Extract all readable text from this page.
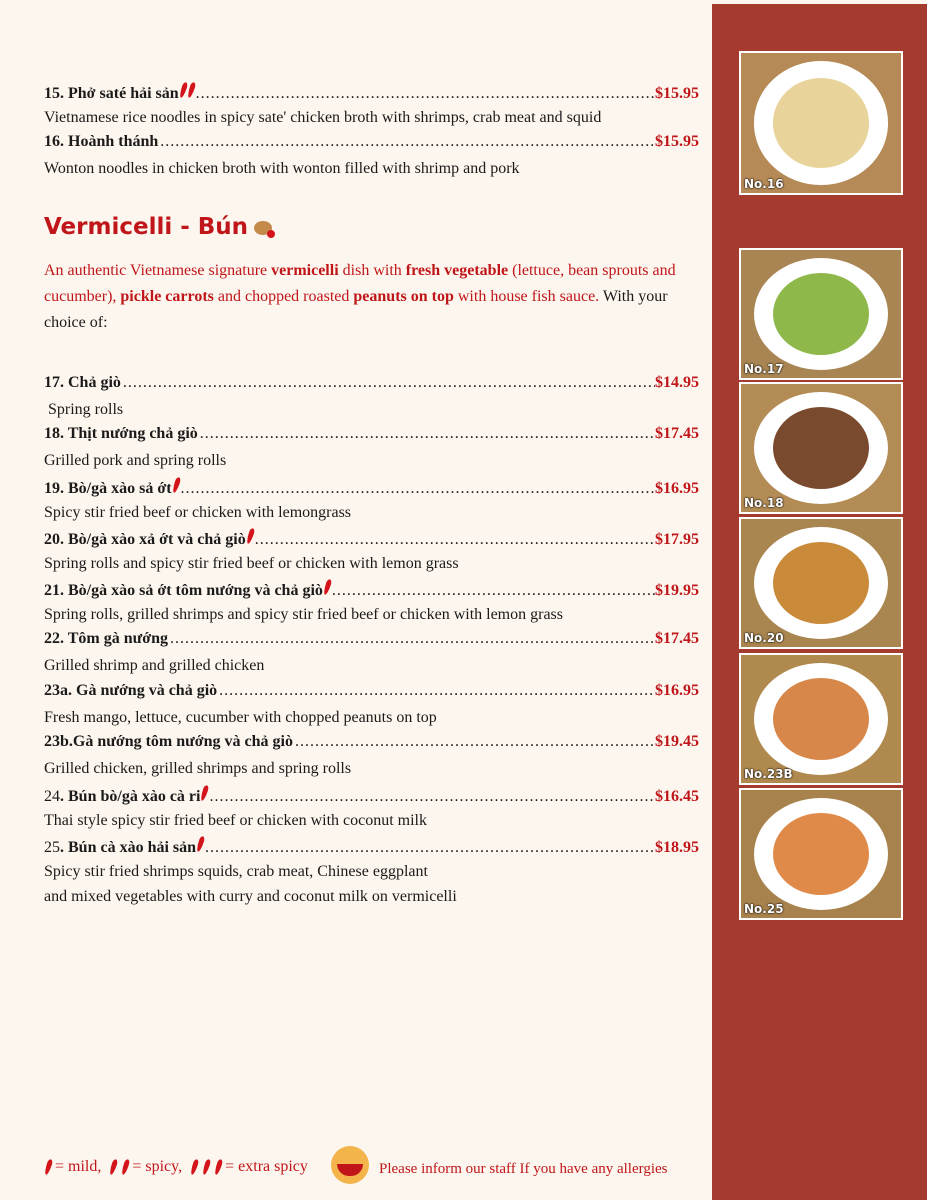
No.16
No.17
No.18
No.20
No.23B
No.25
15. Phở saté hải sản .....	$15.95
Vietnamese rice noodles in spicy sate' chicken broth with shrimps, crab meat and squid
16. Hoành thánh .....	$15.95
Wonton noodles in chicken broth with wonton filled with shrimp and pork
Vermicelli - Bún
An authentic Vietnamese signature vermicelli dish with fresh vegetable (lettuce, bean sprouts and cucumber), pickle carrots and chopped roasted peanuts on top with house fish sauce. With your choice of:
17. Chả giò .....	$14.95
Spring rolls
18. Thịt nướng chả giò .....	$17.45
Grilled pork and spring rolls
19. Bò/gà xào sả ớt .....	$16.95
Spicy stir fried beef or chicken with lemongrass
20. Bò/gà xào xả ớt và chả giò .....	$17.95
Spring rolls and spicy stir fried beef or chicken with lemon grass
21. Bò/gà xào sả ớt tôm nướng và chả giò .....	$19.95
Spring rolls, grilled shrimps and spicy stir fried beef or chicken with lemon grass
22. Tôm gà nướng .....	$17.45
Grilled shrimp and grilled chicken
23a. Gà nướng và chả giò .....	$16.95
Fresh mango, lettuce, cucumber with chopped peanuts on top
23b.Gà nướng tôm nướng và chả giò .....	$19.45
Grilled chicken, grilled shrimps and spring rolls
24. Bún bò/gà xào cà ri .....	$16.45
Thai style spicy stir fried beef or chicken with coconut milk
25. Bún cà xào hải sản .....	$18.95
Spicy stir fried shrimps squids, crab meat, Chinese eggplant
and mixed vegetables with curry and coconut milk on vermicelli
= mild, = spicy,	= extra spicy	Please inform our staff If you have any allergies
